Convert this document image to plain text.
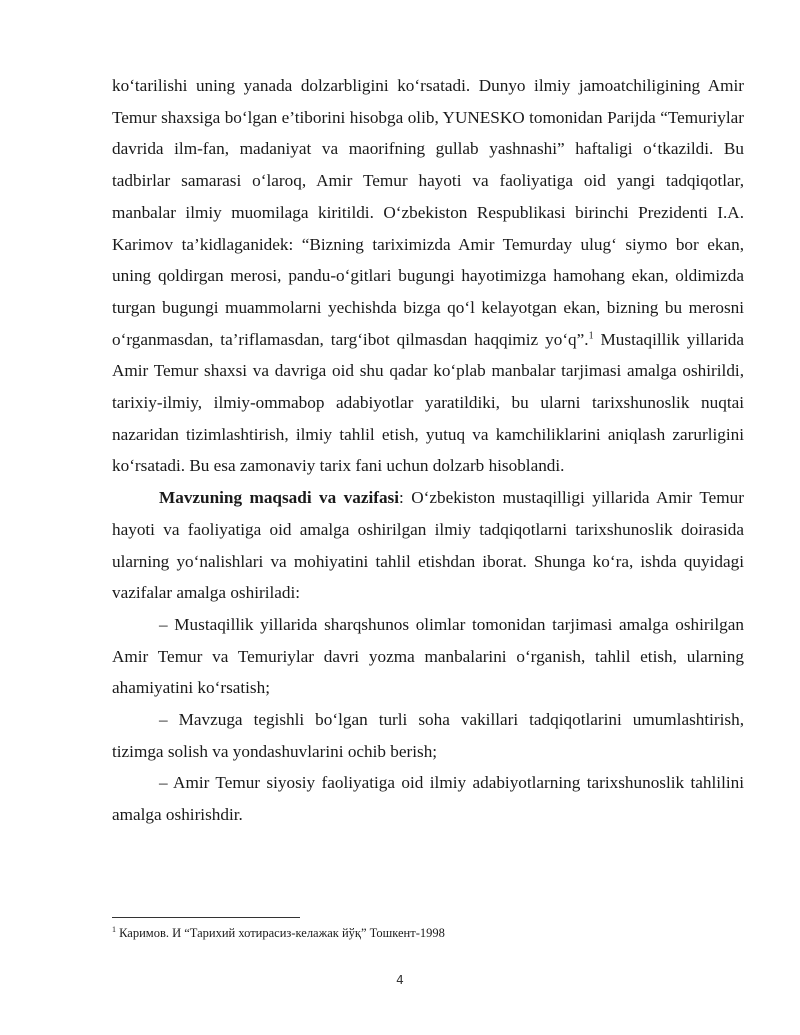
ko‘tarilishi uning yanada dolzarbligini ko‘rsatadi. Dunyo ilmiy jamoatchiligining Amir Temur shaxsiga bo‘lgan e’tiborini hisobga olib, YUNESKO tomonidan Parijda “Temuriylar davrida ilm-fan, madaniyat va maorifning gullab yashnashi” haftaligi o‘tkazildi. Bu tadbirlar samarasi o‘laroq, Amir Temur hayoti va faoliyatiga oid yangi tadqiqotlar, manbalar ilmiy muomilaga kiritildi. O‘zbekiston Respublikasi birinchi Prezidenti I.A. Karimov ta’kidlaganidek: “Bizning tariximizda Amir Temurday ulug‘ siymo bor ekan, uning qoldirgan merosi, pandu-o‘gitlari bugungi hayotimizga hamohang ekan, oldimizda turgan bugungi muammolarni yechishda bizga qo‘l kelayotgan ekan, bizning bu merosni o‘rganmasdan, ta’riflamasdan, targ‘ibot qilmasdan haqqimiz yo‘q”.$^1$ Mustaqillik yillarida Amir Temur shaxsi va davriga oid shu qadar ko‘plab manbalar tarjimasi amalga oshirildi, tarixiy-ilmiy, ilmiy-ommabop adabiyotlar yaratildiki, bu ularni tarixshunoslik nuqtai nazaridan tizimlashtirish, ilmiy tahlil etish, yutuq va kamchiliklarini aniqlash zarurligini ko‘rsatadi. Bu esa zamonaviy tarix fani uchun dolzarb hisoblandi.

Mavzuning maqsadi va vazifasi: O‘zbekiston mustaqilligi yillarida Amir Temur hayoti va faoliyatiga oid amalga oshirilgan ilmiy tadqiqotlarni tarixshunoslik doirasida ularning yo‘nalishlari va mohiyatini tahlil etishdan iborat. Shunga ko‘ra, ishda quyidagi vazifalar amalga oshiriladi:

– Mustaqillik yillarida sharqshunos olimlar tomonidan tarjimasi amalga oshirilgan Amir Temur va Temuriylar davri yozma manbalarini o‘rganish, tahlil etish, ularning ahamiyatini ko‘rsatish;

– Mavzuga tegishli bo‘lgan turli soha vakillari tadqiqotlarini umumlashtirish, tizimga solish va yondashuvlarini ochib berish;

– Amir Temur siyosiy faoliyatiga oid ilmiy adabiyotlarning tarixshunoslik tahlilini amalga oshirishdir.

$^1$ Каримов. И “Тарихий хотирасиз-келажак йўқ” Тошкент-1998
4
